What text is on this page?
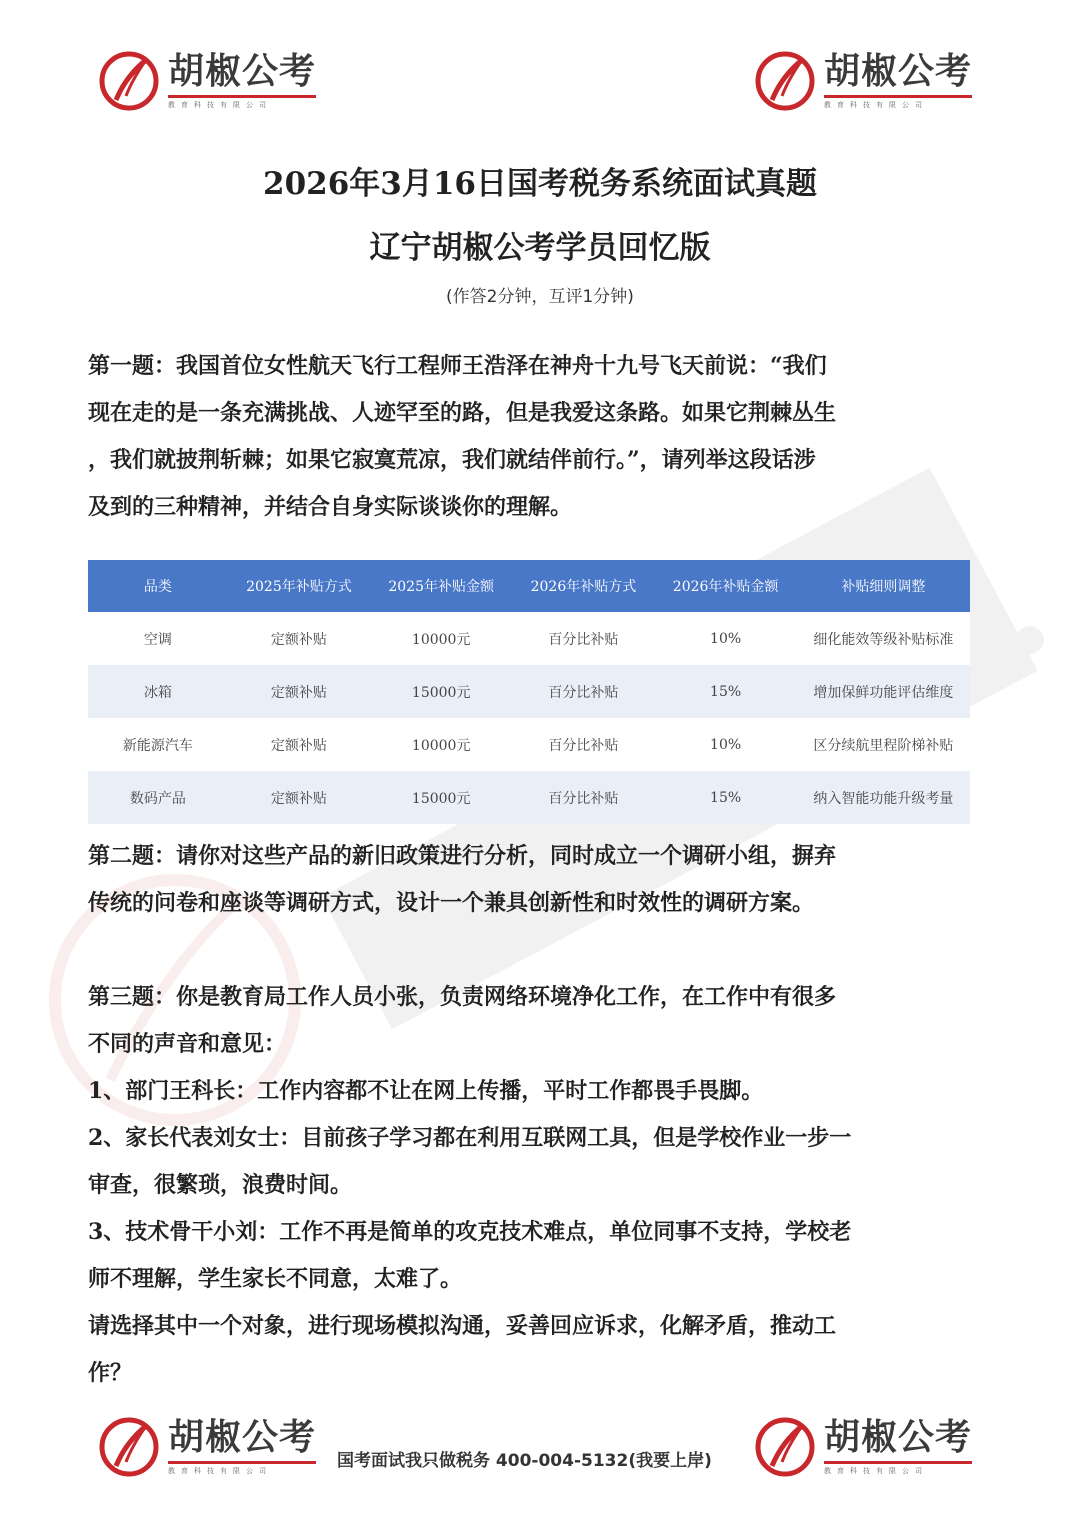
胡椒公考
教育科技有限公司
胡椒公考
教育科技有限公司
2026年3月16日国考税务系统面试真题
辽宁胡椒公考学员回忆版
(作答2分钟，互评1分钟)

第一题：我国首位女性航天飞行工程师王浩泽在神舟十九号飞天前说：“我们

现在走的是一条充满挑战、人迹罕至的路，但是我爱这条路。如果它荆棘丛生

，我们就披荆斩棘；如果它寂寞荒凉，我们就结伴前行。”，请列举这段话涉

及到的三种精神，并结合自身实际谈谈你的理解。

品类	2025年补贴方式	2025年补贴金额	2026年补贴方式	2026年补贴金额	补贴细则调整
空调	定额补贴	10000元	百分比补贴	10%	细化能效等级补贴标准
冰箱	定额补贴	15000元	百分比补贴	15%	增加保鲜功能评估维度
新能源汽车	定额补贴	10000元	百分比补贴	10%	区分续航里程阶梯补贴
数码产品	定额补贴	15000元	百分比补贴	15%	纳入智能功能升级考量

第二题：请你对这些产品的新旧政策进行分析，同时成立一个调研小组，摒弃

传统的问卷和座谈等调研方式，设计一个兼具创新性和时效性的调研方案。

第三题：你是教育局工作人员小张，负责网络环境净化工作，在工作中有很多

不同的声音和意见：

1、部门王科长：工作内容都不让在网上传播，平时工作都畏手畏脚。

2、家长代表刘女士：目前孩子学习都在利用互联网工具，但是学校作业一步一

审查，很繁琐，浪费时间。

3、技术骨干小刘：工作不再是简单的攻克技术难点，单位同事不支持，学校老

师不理解，学生家长不同意，太难了。

请选择其中一个对象，进行现场模拟沟通，妥善回应诉求，化解矛盾，推动工

作？

胡椒公考
教育科技有限公司	国考面试我只做税务 400-004-5132(我要上岸)
胡椒公考
教育科技有限公司
